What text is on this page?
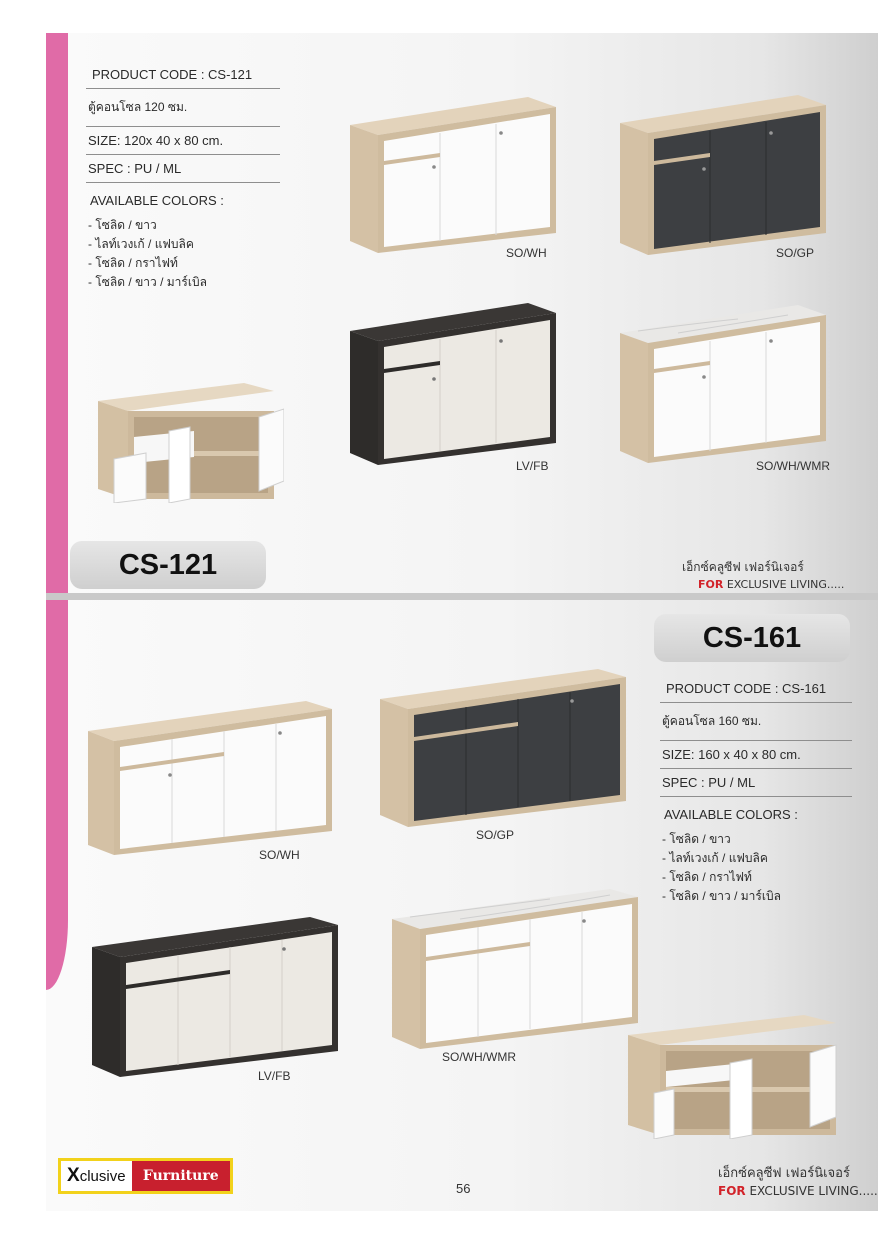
PRODUCT CODE : CS-121
ตู้คอนโซล 120 ซม.
SIZE: 120x 40 x 80 cm.
SPEC : PU / ML
AVAILABLE COLORS :
- โซลิด / ขาว
- ไลท์เวงเก้ / แฟบลิค
- โซลิด / กราไฟท์
- โซลิด / ขาว / มาร์เบิล
SO/WH	SO/GP
LV/FB	SO/WH/WMR
CS-121	เอ็กซ์คลูซีฟ เฟอร์นิเจอร์
FOR EXCLUSIVE LIVING.....
CS-161
PRODUCT CODE : CS-161
ตู้คอนโซล 160 ซม.
SIZE: 160 x 40 x 80 cm.
SPEC : PU / ML
AVAILABLE COLORS :
- โซลิด / ขาว
- ไลท์เวงเก้ / แฟบลิค
- โซลิด / กราไฟท์
- โซลิด / ขาว / มาร์เบิล
SO/WH
SO/GP
LV/FB
SO/WH/WMR
X clusive	Furniture
56
เอ็กซ์คลูซีฟ เฟอร์นิเจอร์
FOR EXCLUSIVE LIVING.....
